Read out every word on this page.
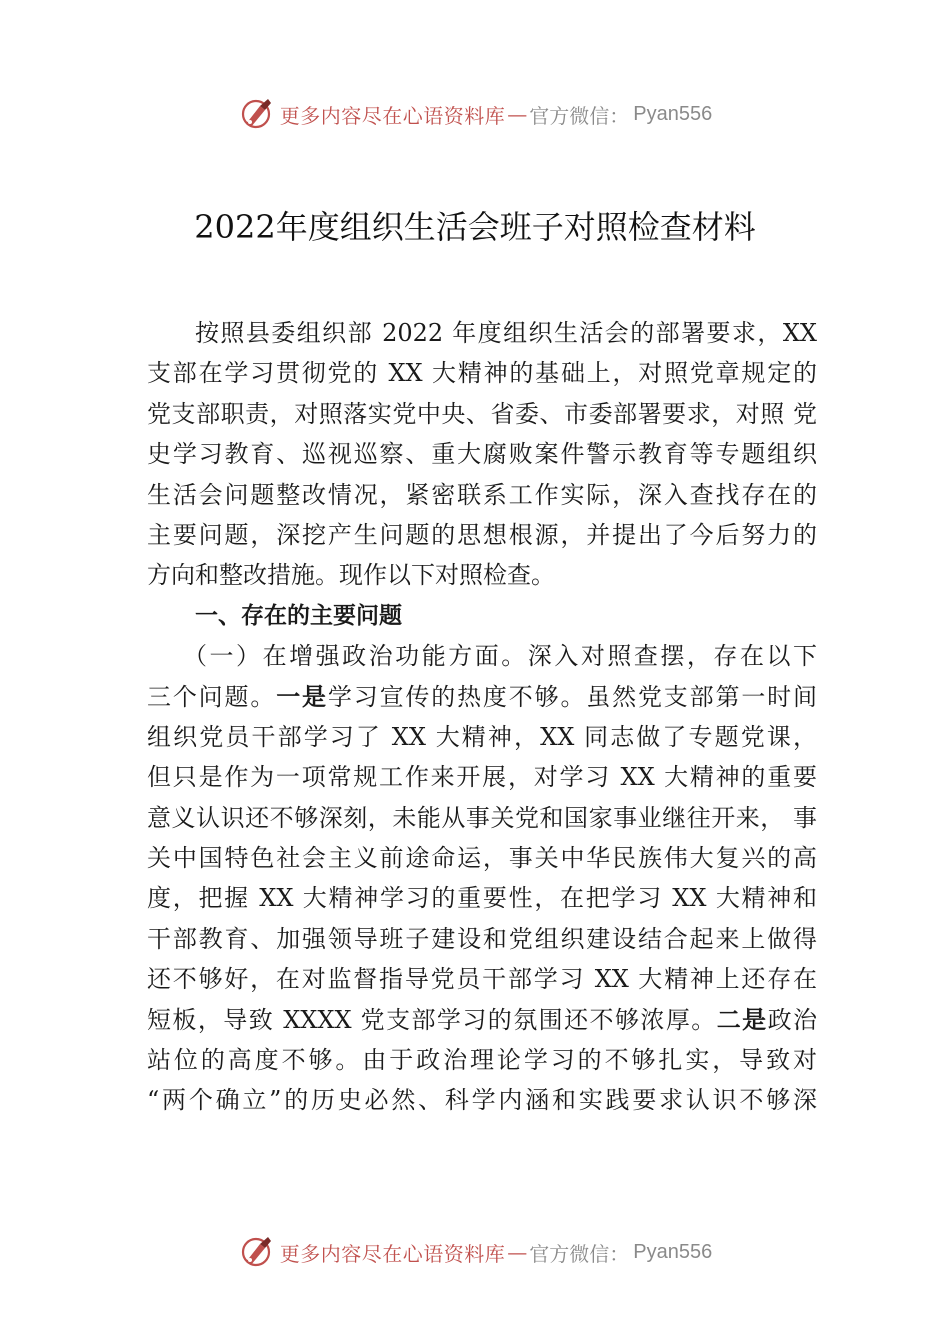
更多内容尽在心语资料库 — 官方微信： Pyan556
2022年度组织生活会班子对照检查材料
按照县委组织部 2022 年度组织生活会的部署要求，XX
支部在学习贯彻党的 XX 大精神的基础上，对照党章规定的
党支部职责，对照落实党中央、省委、市委部署要求，对照 党
史学习教育、巡视巡察、重大腐败案件警示教育等专题组织
生活会问题整改情况，紧密联系工作实际，深入查找存在的
主要问题，深挖产生问题的思想根源，并提出了今后努力的
方向和整改措施。现作以下对照检查。
一、存在的主要问题
（一）在增强政治功能方面。深入对照查摆，存在以下
三个问题。一是学习宣传的热度不够。虽然党支部第一时间
组织党员干部学习了 XX 大精神，XX 同志做了专题党课，
但只是作为一项常规工作来开展，对学习 XX 大精神的重要
意义认识还不够深刻，未能从事关党和国家事业继往开来， 事
关中国特色社会主义前途命运，事关中华民族伟大复兴的高
度，把握 XX 大精神学习的重要性，在把学习 XX 大精神和
干部教育、加强领导班子建设和党组织建设结合起来上做得
还不够好，在对监督指导党员干部学习 XX 大精神上还存在
短板，导致 XXXX 党支部学习的氛围还不够浓厚。二是政治
站位的高度不够。由于政治理论学习的不够扎实，导致对
“两个确立”的历史必然、科学内涵和实践要求认识不够深
更多内容尽在心语资料库 — 官方微信： Pyan556
